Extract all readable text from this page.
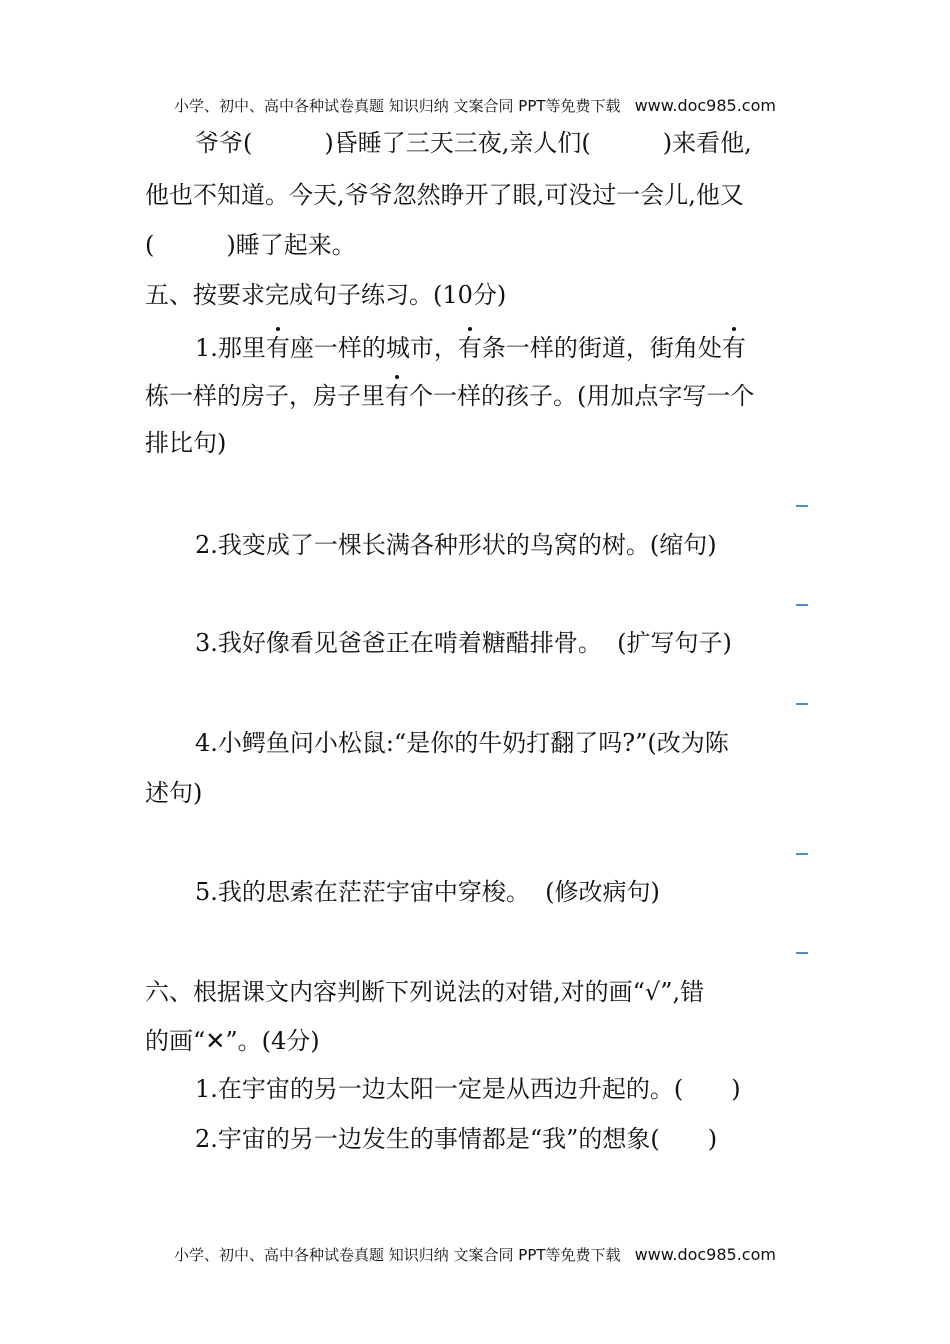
小学、初中、高中各种试卷真题 知识归纳 文案合同 PPT等免费下载 www.doc985.com
爷爷(　　　)昏睡了三天三夜,亲人们(　　　)来看他,
他也不知道。今天,爷爷忽然睁开了眼,可没过一会儿,他又
(　　　)睡了起来。
五、按要求完成句子练习。(10分)
1.那里有座一样的城市，有条一样的街道，街角处有
栋一样的房子，房子里有个一样的孩子。(用加点字写一个
排比句)
2.我变成了一棵长满各种形状的鸟窝的树。(缩句)
3.我好像看见爸爸正在啃着糖醋排骨。  (扩写句子)
4.小鳄鱼问小松鼠:“是你的牛奶打翻了吗?”(改为陈
述句)
5.我的思索在茫茫宇宙中穿梭。  (修改病句)
六、根据课文内容判断下列说法的对错,对的画“√”,错
的画“✕”。(4分)
1.在宇宙的另一边太阳一定是从西边升起的。(　　)
2.宇宙的另一边发生的事情都是“我”的想象(　　)
小学、初中、高中各种试卷真题 知识归纳 文案合同 PPT等免费下载 www.doc985.com
